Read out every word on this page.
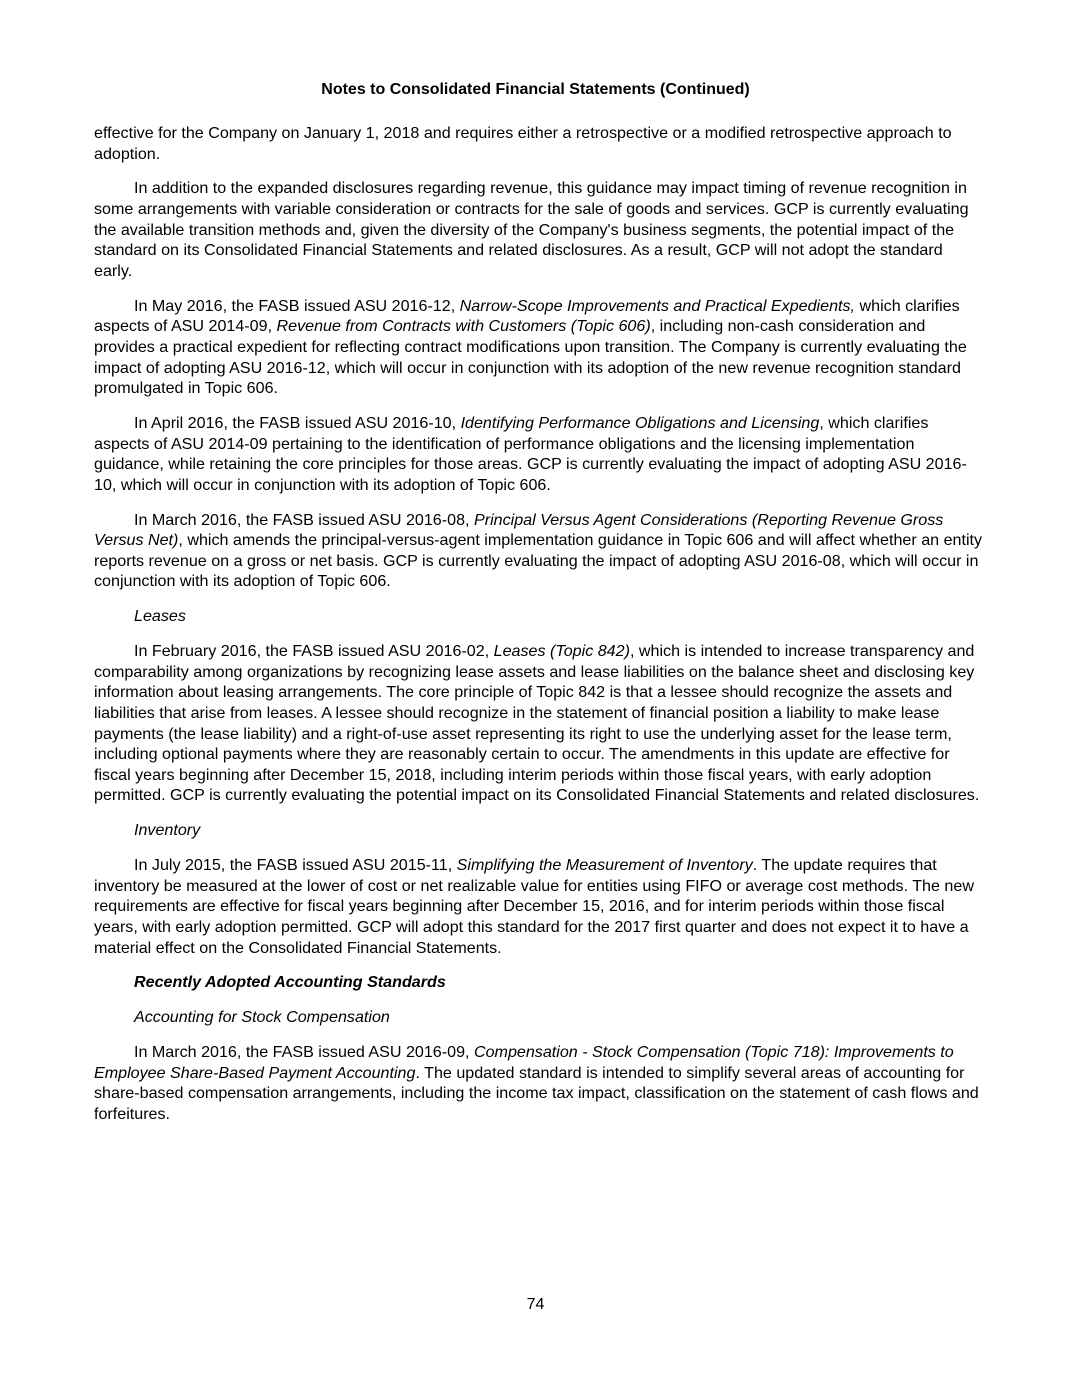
Notes to Consolidated Financial Statements (Continued)

effective for the Company on January 1, 2018 and requires either a retrospective or a modified retrospective approach to adoption.

In addition to the expanded disclosures regarding revenue, this guidance may impact timing of revenue recognition in some arrangements with variable consideration or contracts for the sale of goods and services. GCP is currently evaluating the available transition methods and, given the diversity of the Company's business segments, the potential impact of the standard on its Consolidated Financial Statements and related disclosures. As a result, GCP will not adopt the standard early.

In May 2016, the FASB issued ASU 2016-12, Narrow-Scope Improvements and Practical Expedients, which clarifies aspects of ASU 2014-09, Revenue from Contracts with Customers (Topic 606), including non-cash consideration and provides a practical expedient for reflecting contract modifications upon transition. The Company is currently evaluating the impact of adopting ASU 2016-12, which will occur in conjunction with its adoption of the new revenue recognition standard promulgated in Topic 606.

In April 2016, the FASB issued ASU 2016-10, Identifying Performance Obligations and Licensing, which clarifies aspects of ASU 2014-09 pertaining to the identification of performance obligations and the licensing implementation guidance, while retaining the core principles for those areas. GCP is currently evaluating the impact of adopting ASU 2016-10, which will occur in conjunction with its adoption of Topic 606.

In March 2016, the FASB issued ASU 2016-08, Principal Versus Agent Considerations (Reporting Revenue Gross Versus Net), which amends the principal-versus-agent implementation guidance in Topic 606 and will affect whether an entity reports revenue on a gross or net basis. GCP is currently evaluating the impact of adopting ASU 2016-08, which will occur in conjunction with its adoption of Topic 606.

Leases

In February 2016, the FASB issued ASU 2016-02, Leases (Topic 842), which is intended to increase transparency and comparability among organizations by recognizing lease assets and lease liabilities on the balance sheet and disclosing key information about leasing arrangements. The core principle of Topic 842 is that a lessee should recognize the assets and liabilities that arise from leases. A lessee should recognize in the statement of financial position a liability to make lease payments (the lease liability) and a right-of-use asset representing its right to use the underlying asset for the lease term, including optional payments where they are reasonably certain to occur. The amendments in this update are effective for fiscal years beginning after December 15, 2018, including interim periods within those fiscal years, with early adoption permitted. GCP is currently evaluating the potential impact on its Consolidated Financial Statements and related disclosures.

Inventory

In July 2015, the FASB issued ASU 2015-11, Simplifying the Measurement of Inventory. The update requires that inventory be measured at the lower of cost or net realizable value for entities using FIFO or average cost methods. The new requirements are effective for fiscal years beginning after December 15, 2016, and for interim periods within those fiscal years, with early adoption permitted. GCP will adopt this standard for the 2017 first quarter and does not expect it to have a material effect on the Consolidated Financial Statements.

Recently Adopted Accounting Standards
Accounting for Stock Compensation

In March 2016, the FASB issued ASU 2016-09, Compensation - Stock Compensation (Topic 718): Improvements to Employee Share-Based Payment Accounting. The updated standard is intended to simplify several areas of accounting for share-based compensation arrangements, including the income tax impact, classification on the statement of cash flows and forfeitures.

74
